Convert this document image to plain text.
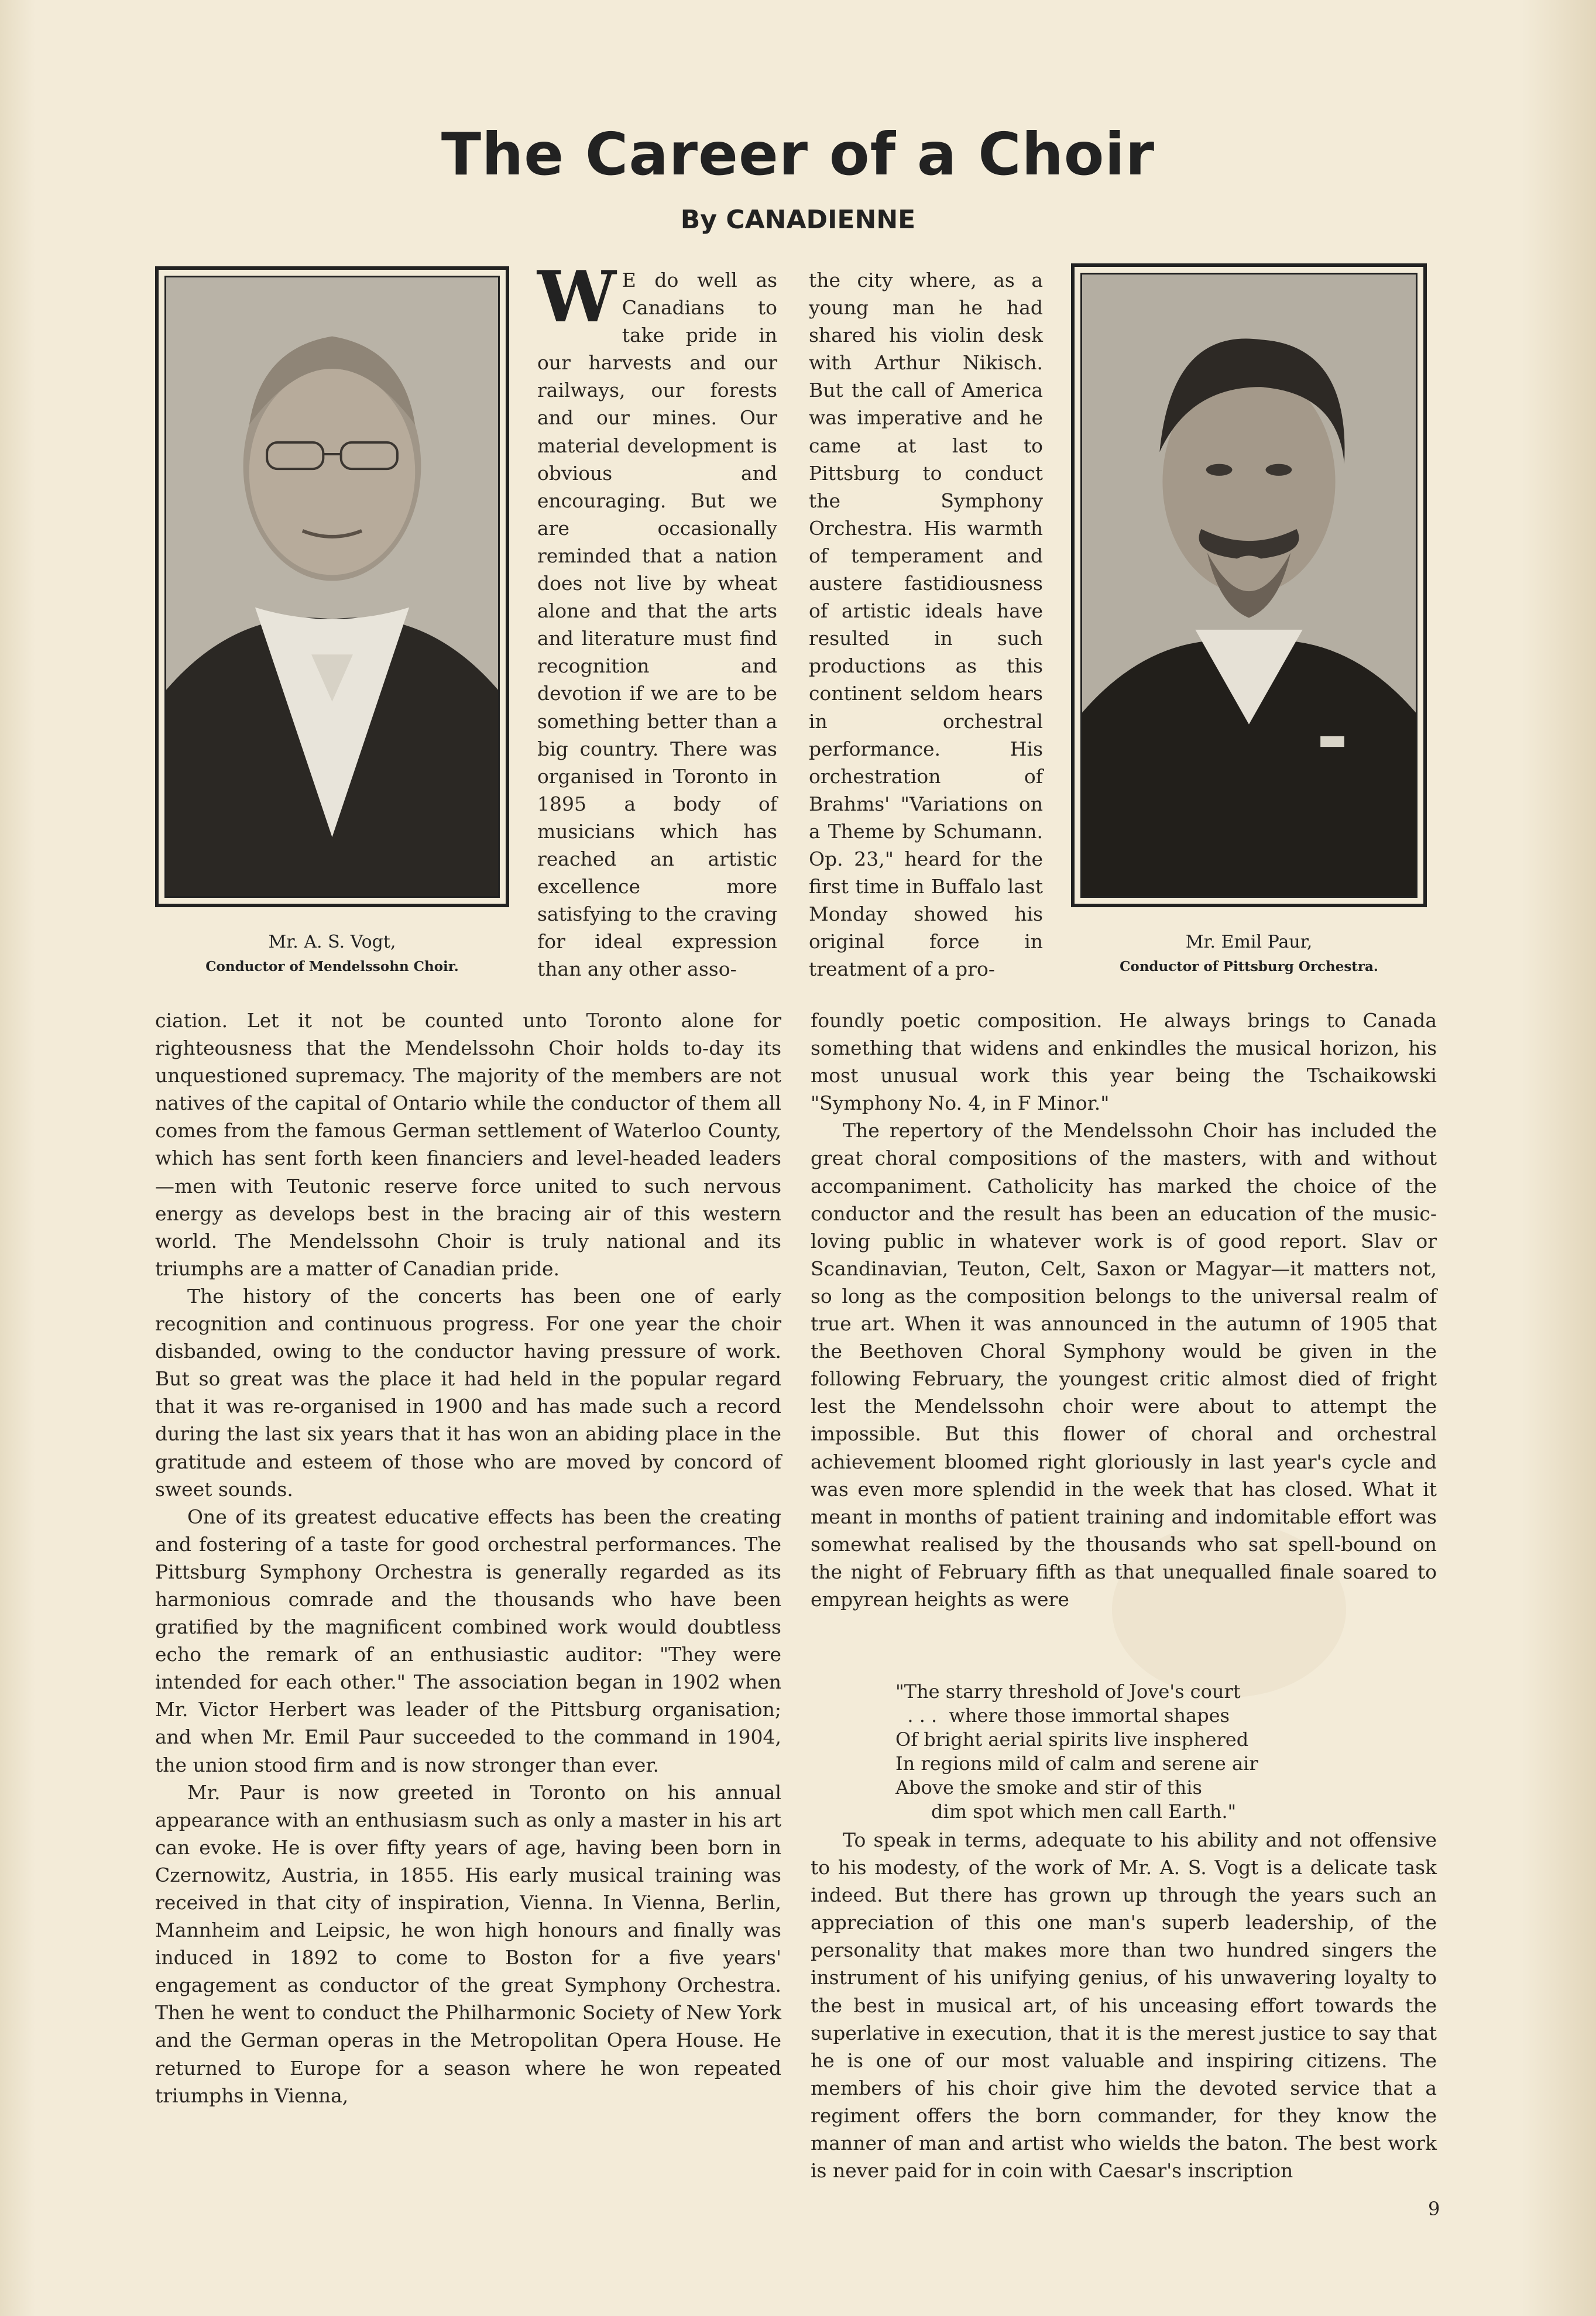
The Career of a Choir
By CANADIENNE
Mr. A. S. Vogt,
Conductor of Mendelssohn Choir.
Mr. Emil Paur,
Conductor of Pittsburg Orchestra.

W E do well as Canadians to take pride in our harvests and our railways, our forests and our mines. Our material development is obvious and encouraging. But we are occasionally reminded that a nation does not live by wheat alone and that the arts and literature must find recognition and devotion if we are to be something better than a big country. There was organised in Toronto in 1895 a body of musicians which has reached an artistic excellence more satisfying to the craving for ideal expression than any other asso-

the city where, as a young man he had shared his violin desk with Arthur Nikisch. But the call of America was imperative and he came at last to Pittsburg to conduct the Symphony Orchestra. His warmth of temperament and austere fastidiousness of artistic ideals have resulted in such productions as this continent seldom hears in orchestral performance. His orchestration of Brahms' "Variations on a Theme by Schumann. Op. 23," heard for the first time in Buffalo last Monday showed his original force in treatment of a pro-

ciation. Let it not be counted unto Toronto alone for righteousness that the Mendelssohn Choir holds to-day its unquestioned supremacy. The majority of the members are not natives of the capital of Ontario while the conductor of them all comes from the famous German settlement of Waterloo County, which has sent forth keen financiers and level-headed leaders—men with Teutonic reserve force united to such nervous energy as develops best in the bracing air of this western world. The Mendelssohn Choir is truly national and its triumphs are a matter of Canadian pride.

The history of the concerts has been one of early recognition and continuous progress. For one year the choir disbanded, owing to the conductor having pressure of work. But so great was the place it had held in the popular regard that it was re-organised in 1900 and has made such a record during the last six years that it has won an abiding place in the gratitude and esteem of those who are moved by concord of sweet sounds.

One of its greatest educative effects has been the creating and fostering of a taste for good orchestral performances. The Pittsburg Symphony Orchestra is generally regarded as its harmonious comrade and the thousands who have been gratified by the magnificent combined work would doubtless echo the remark of an enthusiastic auditor: "They were intended for each other." The association began in 1902 when Mr. Victor Herbert was leader of the Pittsburg organisation; and when Mr. Emil Paur succeeded to the command in 1904, the union stood firm and is now stronger than ever.

Mr. Paur is now greeted in Toronto on his annual appearance with an enthusiasm such as only a master in his art can evoke. He is over fifty years of age, having been born in Czernowitz, Austria, in 1855. His early musical training was received in that city of inspiration, Vienna. In Vienna, Berlin, Mannheim and Leipsic, he won high honours and finally was induced in 1892 to come to Boston for a five years' engagement as conductor of the great Symphony Orchestra. Then he went to conduct the Philharmonic Society of New York and the German operas in the Metropolitan Opera House. He returned to Europe for a season where he won repeated triumphs in Vienna,

foundly poetic composition. He always brings to Canada something that widens and enkindles the musical horizon, his most unusual work this year being the Tschaikowski "Symphony No. 4, in F Minor."

The repertory of the Mendelssohn Choir has included the great choral compositions of the masters, with and without accompaniment. Catholicity has marked the choice of the conductor and the result has been an education of the music-loving public in whatever work is of good report. Slav or Scandinavian, Teuton, Celt, Saxon or Magyar—it matters not, so long as the composition belongs to the universal realm of true art. When it was announced in the autumn of 1905 that the Beethoven Choral Symphony would be given in the following February, the youngest critic almost died of fright lest the Mendelssohn choir were about to attempt the impossible. But this flower of choral and orchestral achievement bloomed right gloriously in last year's cycle and was even more splendid in the week that has closed. What it meant in months of patient training and indomitable effort was somewhat realised by the thousands who sat spell-bound on the night of February fifth as that unequalled finale soared to empyrean heights as were

"The starry threshold of Jove's court
. . .  where those immortal shapes
Of bright aerial spirits live insphered
In regions mild of calm and serene air
Above the smoke and stir of this
dim spot which men call Earth."

To speak in terms, adequate to his ability and not offensive to his modesty, of the work of Mr. A. S. Vogt is a delicate task indeed. But there has grown up through the years such an appreciation of this one man's superb leadership, of the personality that makes more than two hundred singers the instrument of his unifying genius, of his unwavering loyalty to the best in musical art, of his unceasing effort towards the superlative in execution, that it is the merest justice to say that he is one of our most valuable and inspiring citizens. The members of his choir give him the devoted service that a regiment offers the born commander, for they know the manner of man and artist who wields the baton. The best work is never paid for in coin with Caesar's inscription

9
